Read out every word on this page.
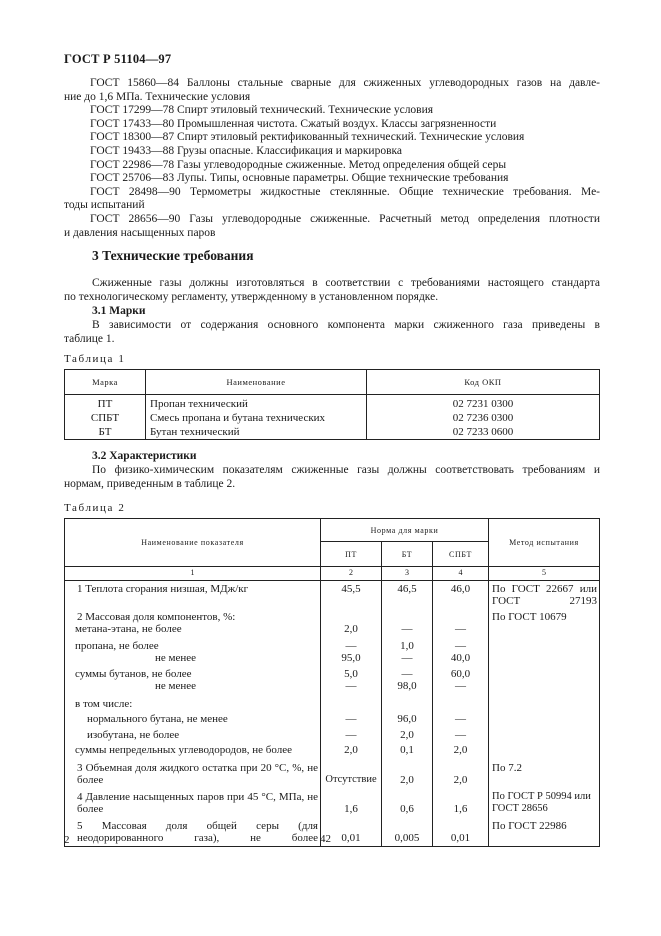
ГОСТ Р 51104—97

ГОСТ 15860—84 Баллоны стальные сварные для сжиженных углеводородных газов на давле-

ние до 1,6 МПа. Технические условия

ГОСТ 17299—78 Спирт этиловый технический. Технические условия

ГОСТ 17433—80 Промышленная чистота. Сжатый воздух. Классы загрязненности

ГОСТ 18300—87 Спирт этиловый ректификованный технический. Технические условия

ГОСТ 19433—88 Грузы опасные. Классификация и маркировка

ГОСТ 22986—78 Газы углеводородные сжиженные. Метод определения общей серы

ГОСТ 25706—83 Лупы. Типы, основные параметры. Общие технические требования

ГОСТ 28498—90 Термометры жидкостные стеклянные. Общие технические требования. Ме-

тоды испытаний

ГОСТ 28656—90 Газы углеводородные сжиженные. Расчетный метод определения плотности

и давления насыщенных паров

3 Технические требования

Сжиженные газы должны изготовляться в соответствии с требованиями настоящего стандарта

по технологическому регламенту, утвержденному в установленном порядке.

3.1 Марки

В зависимости от содержания основного компонента марки сжиженного газа приведены в

таблице 1.

Таблица 1
Марка	Наименование	Код ОКП
ПТ	Пропан технический	02 7231 0300
СПБТ	Смесь пропана и бутана технических	02 7236 0300
БТ	Бутан технический	02 7233 0600

3.2 Характеристики

По физико-химическим показателям сжиженные газы должны соответствовать требованиям и

нормам, приведенным в таблице 2.

Таблица 2
Наименование показателя	Норма для марки			Метод испытания
	ПТ	БТ	СПБТ	
1	2	3	4	5
1 Теплота сгорания низшая, МДж/кг	45,5	46,5	46,0	По ГОСТ 22667 или ГОСТ 27193
2 Массовая доля компонентов, %:				По ГОСТ 10679
метана-этана, не более	2,0	—	—	
пропана, не более	—	1,0	—	
не менее	95,0	—	40,0	
суммы бутанов, не более	5,0	—	60,0	
не менее	—	98,0	—	
в том числе:				
нормального бутана, не менее	—	96,0	—	
изобутана, не более	—	2,0	—	
суммы непредельных углеводородов, не более	2,0	0,1	2,0	
3 Объемная доля жидкого остатка при 20 °С, %, не более	Отсутствие	2,0	2,0	По 7.2
4 Давление насыщенных паров при 45 °С, МПа, не более	1,6	0,6	1,6	По ГОСТ Р 50994 или ГОСТ 28656
5 Массовая доля общей серы (для неодорированного газа), не более	0,01	0,005	0,01	По ГОСТ 22986
2	42
